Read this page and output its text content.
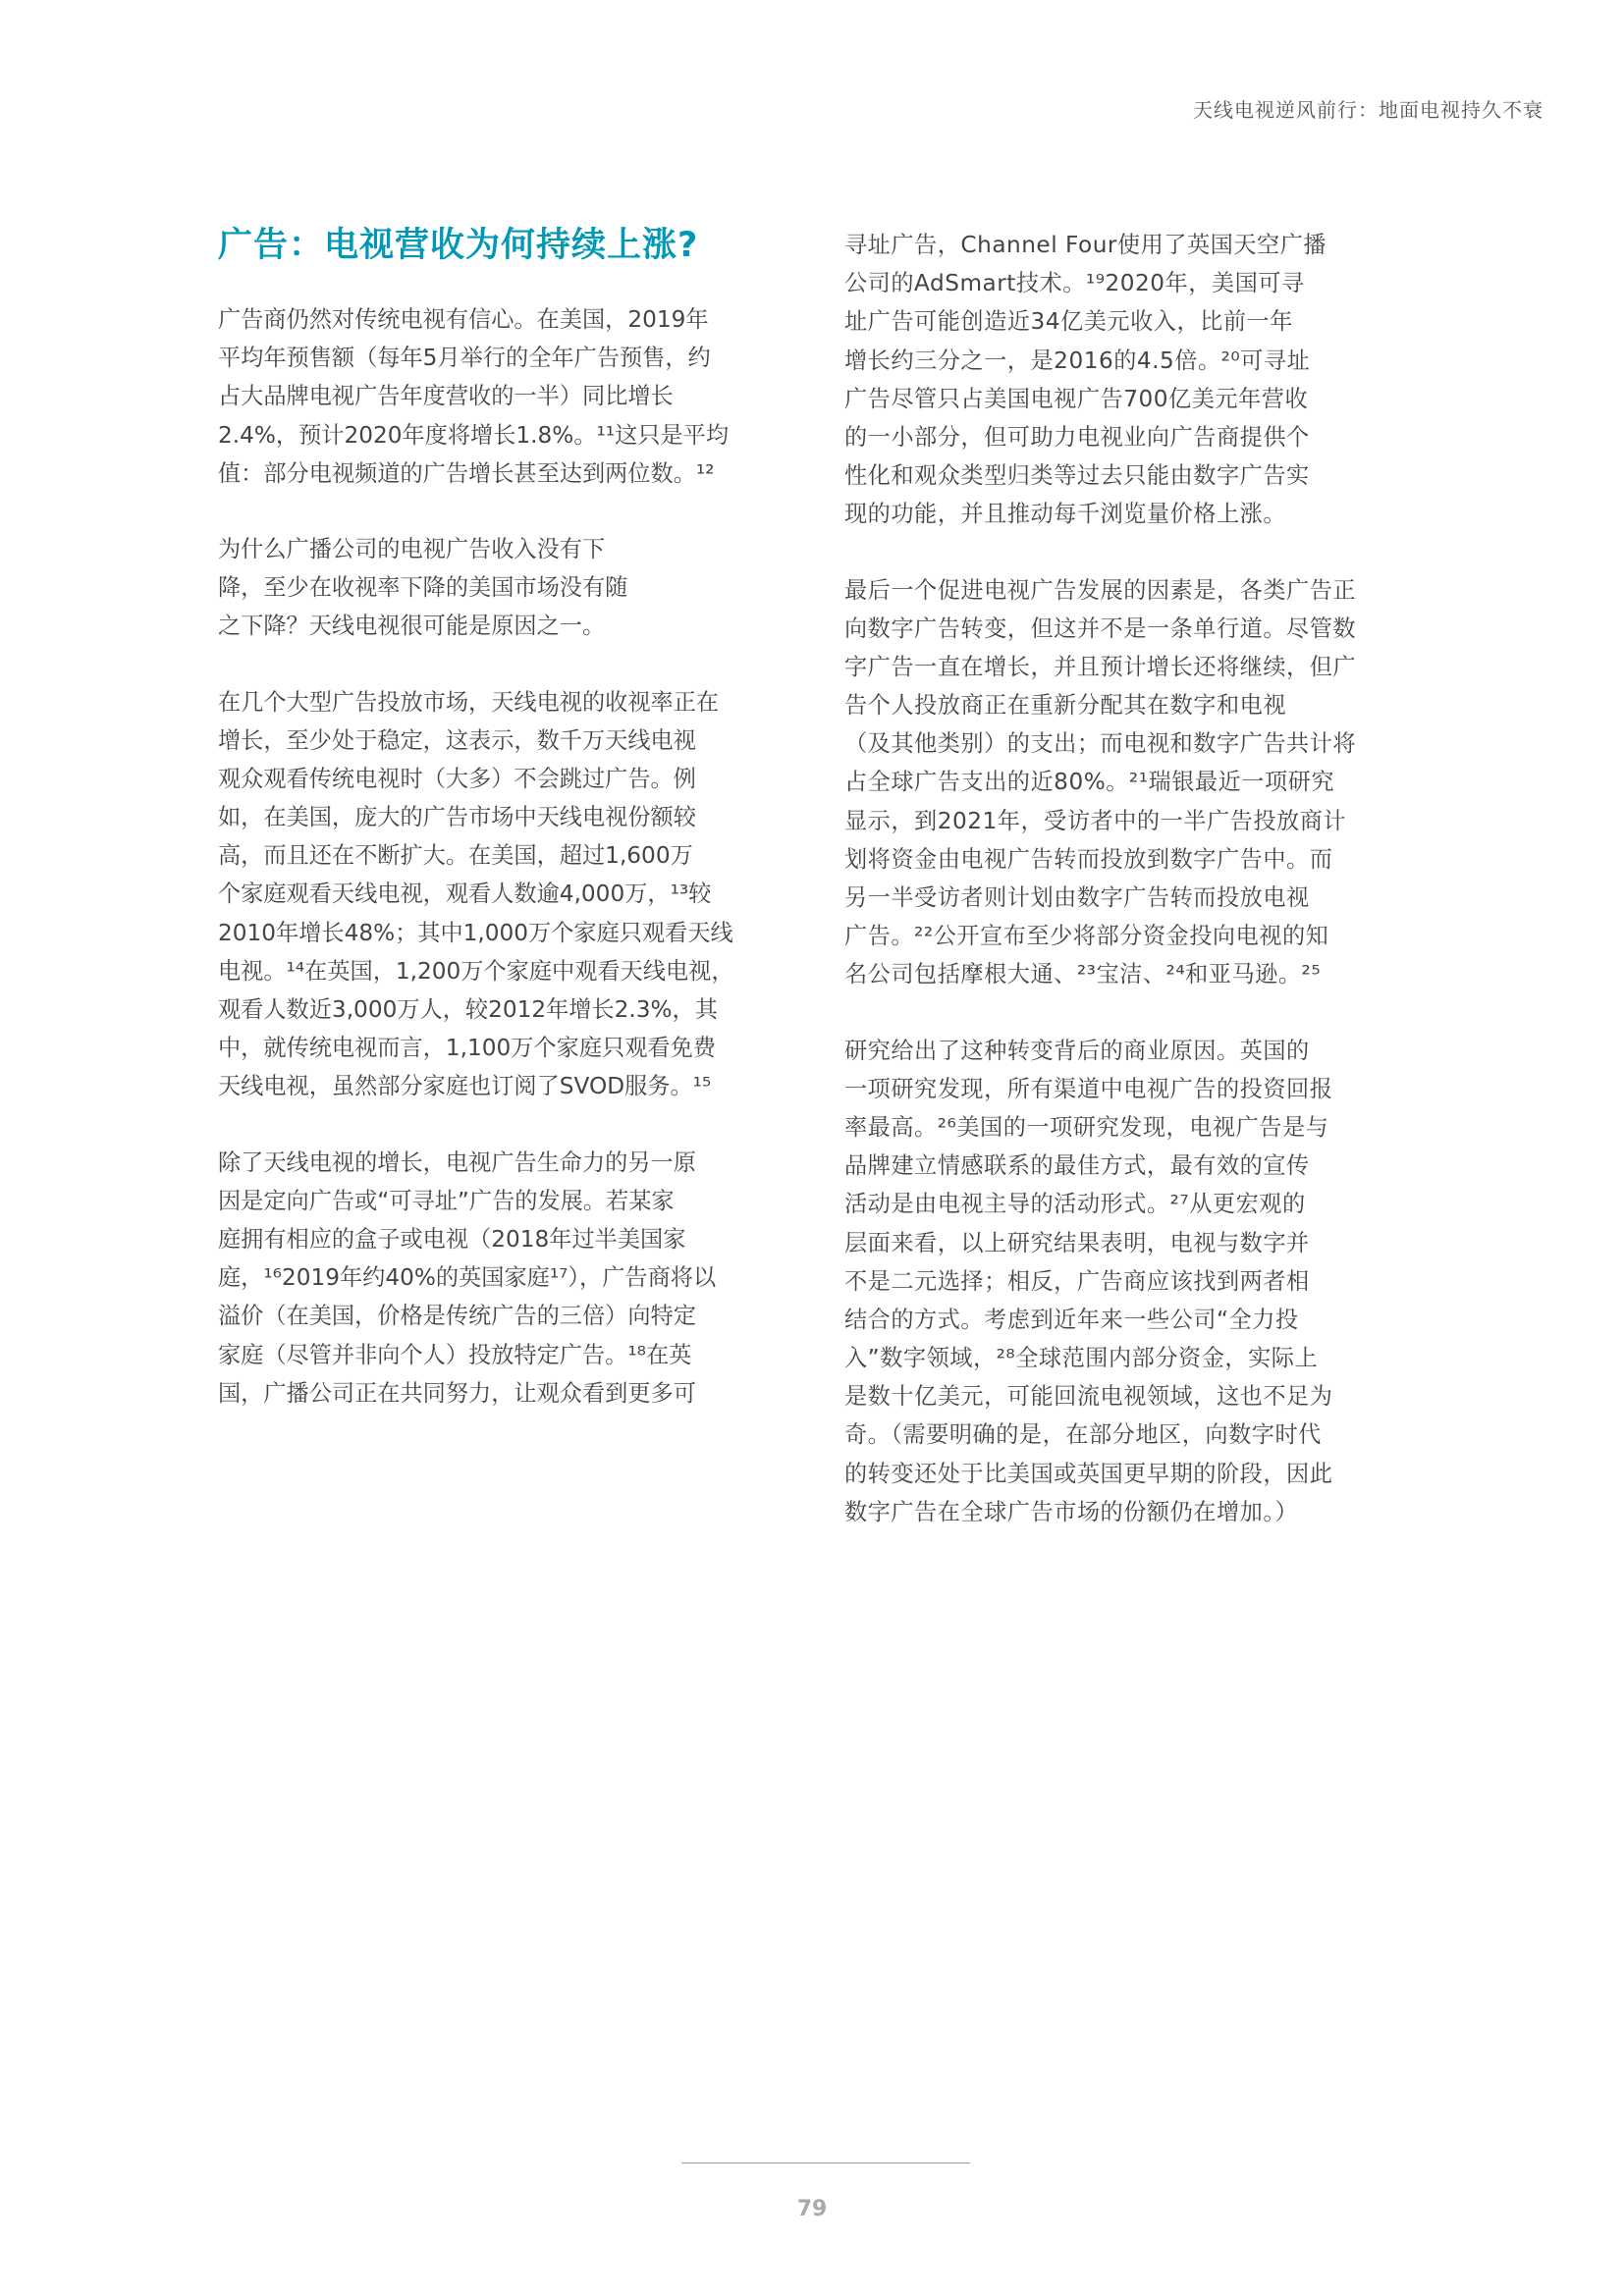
天线电视逆风前行：地面电视持久不衰
广告：电视营收为何持续上涨?
广告商仍然对传统电视有信心。在美国，2019年
平均年预售额（每年5月举行的全年广告预售，约
占大品牌电视广告年度营收的一半）同比增长
2.4%，预计2020年度将增长1.8%。¹¹这只是平均
值：部分电视频道的广告增长甚至达到两位数。¹²
为什么广播公司的电视广告收入没有下
降，至少在收视率下降的美国市场没有随
之下降？天线电视很可能是原因之一。
在几个大型广告投放市场，天线电视的收视率正在
增长，至少处于稳定，这表示，数千万天线电视
观众观看传统电视时（大多）不会跳过广告。例
如，在美国，庞大的广告市场中天线电视份额较
高，而且还在不断扩大。在美国，超过1,600万
个家庭观看天线电视，观看人数逾4,000万，¹³较
2010年增长48%；其中1,000万个家庭只观看天线
电视。¹⁴在英国，1,200万个家庭中观看天线电视，
观看人数近3,000万人，较2012年增长2.3%，其
中，就传统电视而言，1,100万个家庭只观看免费
天线电视，虽然部分家庭也订阅了SVOD服务。¹⁵
除了天线电视的增长，电视广告生命力的另一原
因是定向广告或“可寻址”广告的发展。若某家
庭拥有相应的盒子或电视（2018年过半美国家
庭，¹⁶2019年约40%的英国家庭¹⁷），广告商将以
溢价（在美国，价格是传统广告的三倍）向特定
家庭（尽管并非向个人）投放特定广告。¹⁸在英
国，广播公司正在共同努力，让观众看到更多可
寻址广告，Channel Four使用了英国天空广播
公司的AdSmart技术。¹⁹2020年，美国可寻
址广告可能创造近34亿美元收入，比前一年
增长约三分之一，是2016的4.5倍。²⁰可寻址
广告尽管只占美国电视广告700亿美元年营收
的一小部分，但可助力电视业向广告商提供个
性化和观众类型归类等过去只能由数字广告实
现的功能，并且推动每千浏览量价格上涨。
最后一个促进电视广告发展的因素是，各类广告正
向数字广告转变，但这并不是一条单行道。尽管数
字广告一直在增长，并且预计增长还将继续，但广
告个人投放商正在重新分配其在数字和电视
（及其他类别）的支出；而电视和数字广告共计将
占全球广告支出的近80%。²¹瑞银最近一项研究
显示，到2021年，受访者中的一半广告投放商计
划将资金由电视广告转而投放到数字广告中。而
另一半受访者则计划由数字广告转而投放电视
广告。²²公开宣布至少将部分资金投向电视的知
名公司包括摩根大通、²³宝洁、²⁴和亚马逊。²⁵
研究给出了这种转变背后的商业原因。英国的
一项研究发现，所有渠道中电视广告的投资回报
率最高。²⁶美国的一项研究发现，电视广告是与
品牌建立情感联系的最佳方式，最有效的宣传
活动是由电视主导的活动形式。²⁷从更宏观的
层面来看，以上研究结果表明，电视与数字并
不是二元选择；相反，广告商应该找到两者相
结合的方式。考虑到近年来一些公司“全力投
入”数字领域，²⁸全球范围内部分资金，实际上
是数十亿美元，可能回流电视领域，这也不足为
奇。（需要明确的是，在部分地区，向数字时代
的转变还处于比美国或英国更早期的阶段，因此
数字广告在全球广告市场的份额仍在增加。）
79
